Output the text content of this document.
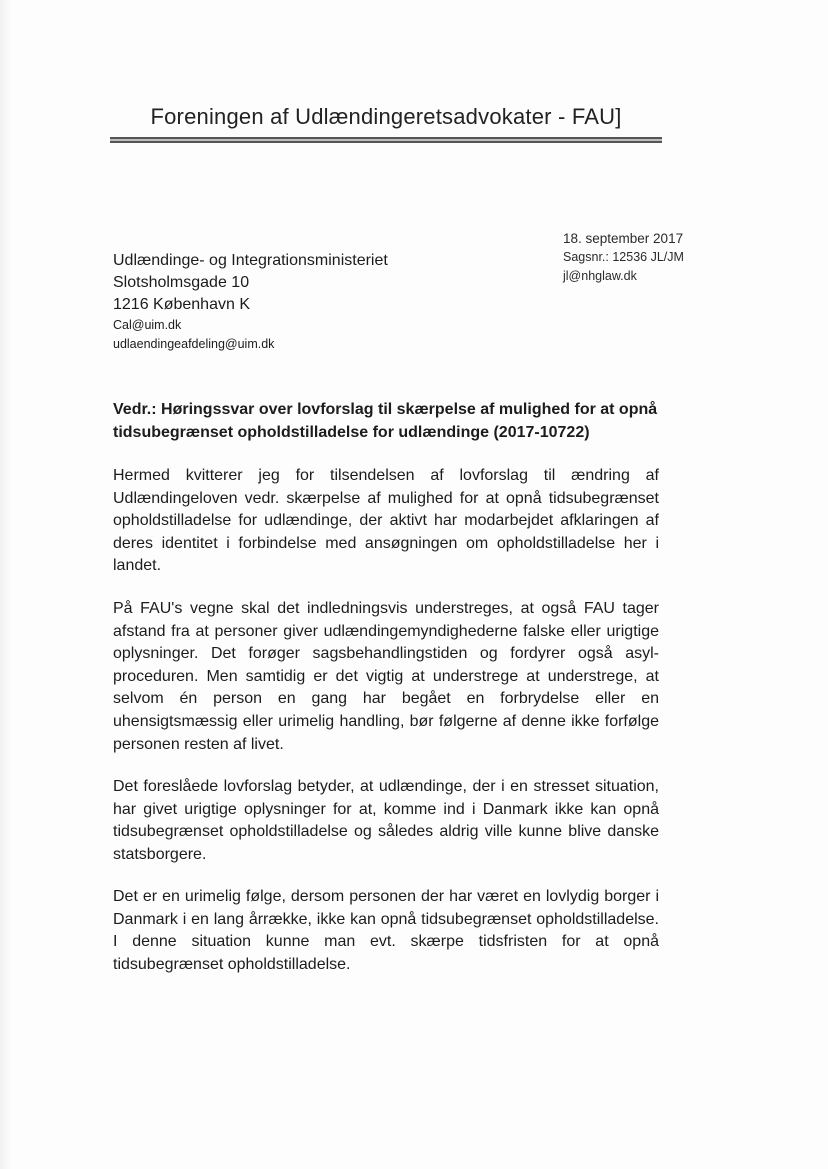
Foreningen af Udlændingeretsadvokater - FAU]
18. september 2017
Sagsnr.: 12536 JL/JM
jl@nhglaw.dk
Udlændinge- og Integrationsministeriet
Slotsholmsgade 10
1216 København K
Cal@uim.dk
udlaendingeafdeling@uim.dk
Vedr.: Høringssvar over lovforslag til skærpelse af mulighed for at opnå tidsubegrænset opholdstilladelse for udlændinge (2017-10722)

Hermed kvitterer jeg for tilsendelsen af lovforslag til ændring af Udlændingeloven vedr. skærpelse af mulighed for at opnå tidsubegrænset opholdstilladelse for udlændinge, der aktivt har modarbejdet afklaringen af deres identitet i forbindelse med ansøgningen om opholdstilladelse her i landet.

På FAU's vegne skal det indledningsvis understreges, at også FAU tager afstand fra at personer giver udlændingemyndighederne falske eller urigtige oplysninger. Det forøger sagsbehandlingstiden og fordyrer også asyl-proceduren. Men samtidig er det vigtig at understrege at understrege, at selvom én person en gang har begået en forbrydelse eller en uhensigtsmæssig eller urimelig handling, bør følgerne af denne ikke forfølge personen resten af livet.

Det foreslåede lovforslag betyder, at udlændinge, der i en stresset situation, har givet urigtige oplysninger for at, komme ind i Danmark ikke kan opnå tidsubegrænset opholdstilladelse og således aldrig ville kunne blive danske statsborgere.

Det er en urimelig følge, dersom personen der har været en lovlydig borger i Danmark i en lang årrække, ikke kan opnå tidsubegrænset opholdstilladelse. I denne situation kunne man evt. skærpe tidsfristen for at opnå tidsubegrænset opholdstilladelse.
